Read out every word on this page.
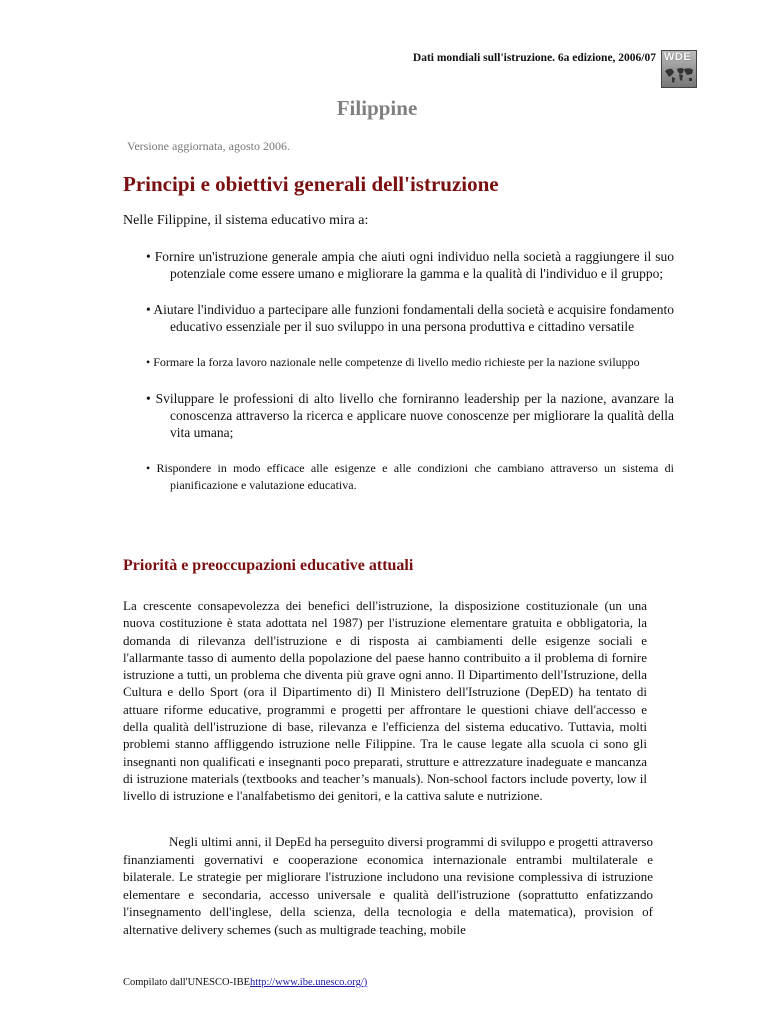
Dati mondiali sull'istruzione. 6a edizione, 2006/07 WDE
Filippine
Versione aggiornata, agosto 2006.
Principi e obiettivi generali dell'istruzione

Nelle Filippine, il sistema educativo mira a:

• Fornire un'istruzione generale ampia che aiuti ogni individuo nella società a raggiungere il suo potenziale come essere umano e migliorare la gamma e la qualità di l'individuo e il gruppo;
• Aiutare l'individuo a partecipare alle funzioni fondamentali della società e acquisire fondamento educativo essenziale per il suo sviluppo in una persona produttiva e cittadino versatile
• Formare la forza lavoro nazionale nelle competenze di livello medio richieste per la nazione sviluppo
• Sviluppare le professioni di alto livello che forniranno leadership per la nazione, avanzare la conoscenza attraverso la ricerca e applicare nuove conoscenze per migliorare la qualità della vita umana;
• Rispondere in modo efficace alle esigenze e alle condizioni che cambiano attraverso un sistema di pianificazione e valutazione educativa.
Priorità e preoccupazioni educative attuali

La crescente consapevolezza dei benefici dell'istruzione, la disposizione costituzionale (un una nuova costituzione è stata adottata nel 1987) per l'istruzione elementare gratuita e obbligatoria, la domanda di rilevanza dell'istruzione e di risposta ai cambiamenti delle esigenze sociali e l'allarmante tasso di aumento della popolazione del paese hanno contribuito a il problema di fornire istruzione a tutti, un problema che diventa più grave ogni anno. Il Dipartimento dell'Istruzione, della Cultura e dello Sport (ora il Dipartimento di) Il Ministero dell'Istruzione (DepED) ha tentato di attuare riforme educative, programmi e progetti per affrontare le questioni chiave dell'accesso e della qualità dell'istruzione di base, rilevanza e l'efficienza del sistema educativo. Tuttavia, molti problemi stanno affliggendo istruzione nelle Filippine. Tra le cause legate alla scuola ci sono gli insegnanti non qualificati e insegnanti poco preparati, strutture e attrezzature inadeguate e mancanza di istruzione materials (textbooks and teacher’s manuals). Non-school factors include poverty, low il livello di istruzione e l'analfabetismo dei genitori, e la cattiva salute e nutrizione.

Negli ultimi anni, il DepEd ha perseguito diversi programmi di sviluppo e progetti attraverso finanziamenti governativi e cooperazione economica internazionale entrambi multilaterale e bilaterale. Le strategie per migliorare l'istruzione includono una revisione complessiva di istruzione elementare e secondaria, accesso universale e qualità dell'istruzione (soprattutto enfatizzando l'insegnamento dell'inglese, della scienza, della tecnologia e della matematica), provision of alternative delivery schemes (such as multigrade teaching, mobile

Compilato dall'UNESCO-IBEhttp://www.ibe.unesco.org/)
